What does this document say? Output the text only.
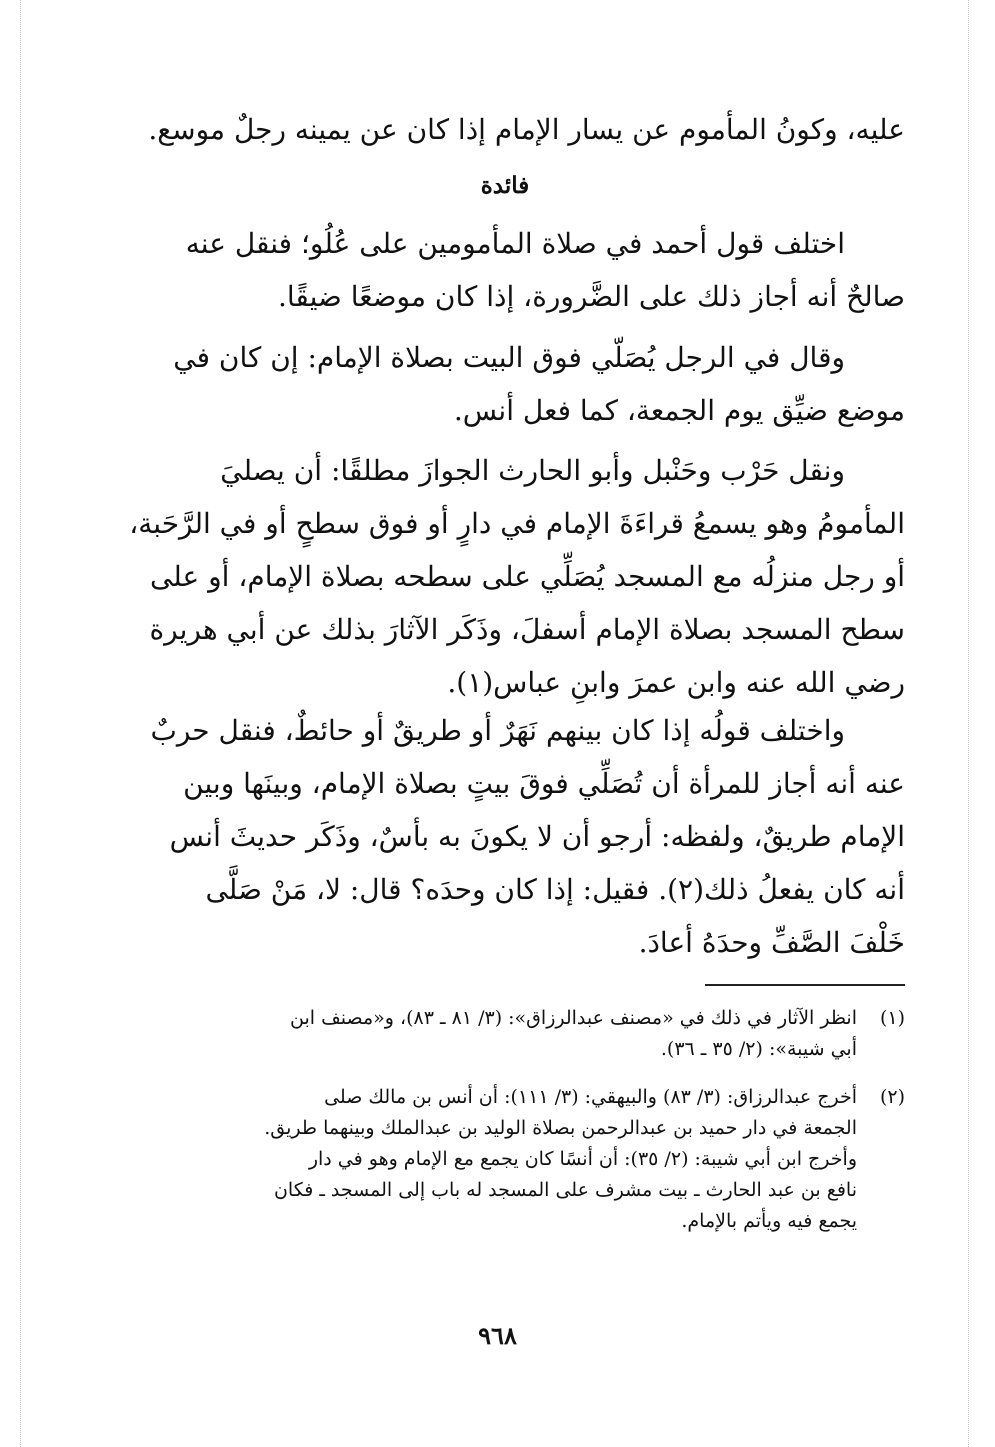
عليه، وكونُ المأموم عن يسار الإمام إذا كان عن يمينه رجلٌ موسع.
فائدة
اختلف قول أحمد في صلاة المأمومين على عُلُو؛ فنقل عنه
صالحٌ أنه أجاز ذلك على الضَّرورة، إذا كان موضعًا ضيقًا.
وقال في الرجل يُصَلّي فوق البيت بصلاة الإمام: إن كان في
موضع ضيِّق يوم الجمعة، كما فعل أنس.
ونقل حَرْب وحَنْبل وأبو الحارث الجوازَ مطلقًا: أن يصليَ
المأمومُ وهو يسمعُ قراءَةَ الإمام في دارٍ أو فوق سطحٍ أو في الرَّحَبة،
أو رجل منزلُه مع المسجد يُصَلِّي على سطحه بصلاة الإمام، أو على
سطح المسجد بصلاة الإمام أسفلَ، وذَكَر الآثارَ بذلك عن أبي هريرة
رضي الله عنه وابن عمرَ وابنِ عباس(١).
واختلف قولُه إذا كان بينهم نَهَرٌ أو طريقٌ أو حائطٌ، فنقل حربٌ
عنه أنه أجاز للمرأة أن تُصَلِّي فوقَ بيتٍ بصلاة الإمام، وبينَها وبين
الإمام طريقٌ، ولفظه: أرجو أن لا يكونَ به بأسٌ، وذَكَر حديثَ أنس
أنه كان يفعلُ ذلك(٢). فقيل: إذا كان وحدَه؟ قال: لا، مَنْ صَلَّى
خَلْفَ الصَّفِّ وحدَهُ أعادَ.
(١)
انظر الآثار في ذلك في «مصنف عبدالرزاق»: (٣/ ٨١ ـ ٨٣)، و«مصنف ابن
أبي شيبة»: (٢/ ٣٥ ـ ٣٦).
(٢)
أخرج عبدالرزاق: (٣/ ٨٣) والبيهقي: (٣/ ١١١): أن أنس بن مالك صلى
الجمعة في دار حميد بن عبدالرحمن بصلاة الوليد بن عبدالملك وبينهما طريق.
وأخرج ابن أبي شيبة: (٢/ ٣٥): أن أنسًا كان يجمع مع الإمام وهو في دار
نافع بن عبد الحارث ـ بيت مشرف على المسجد له باب إلى المسجد ـ فكان
يجمع فيه ويأتم بالإمام.
٩٦٨
